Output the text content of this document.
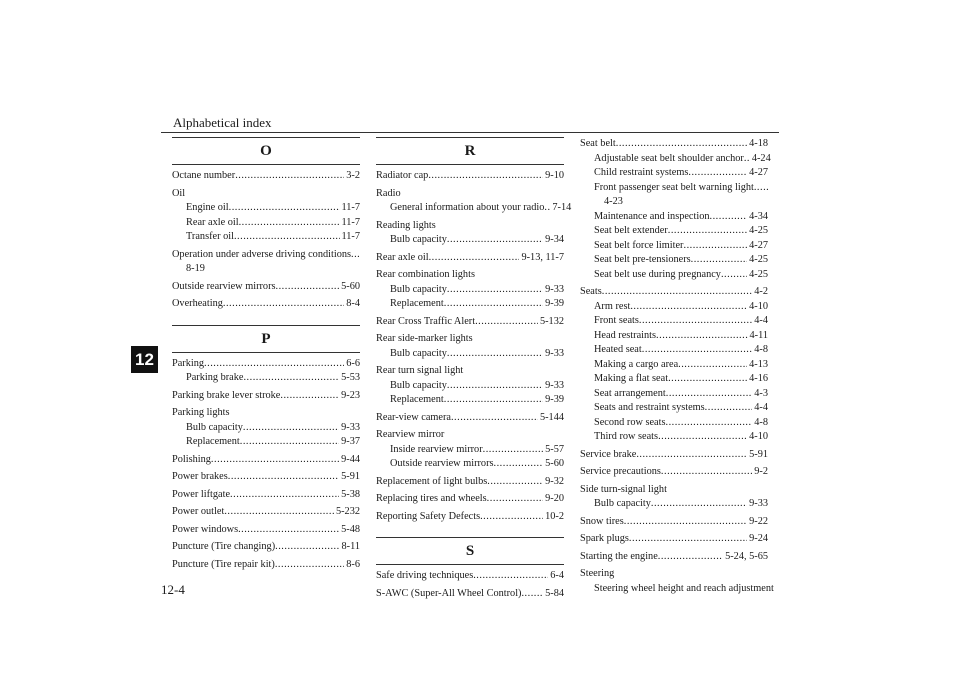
Alphabetical index
12
12-4
O
Octane number .....	3-2
Oil
Engine oil .....	11-7
Rear axle oil .....	11-7
Transfer oil .....	11-7
Operation under adverse driving conditions
.....
8-19
Outside rearview mirrors .....	5-60
Overheating .....	8-4
P
Parking .....	6-6
Parking brake .....	5-53
Parking brake lever stroke .....	9-23
Parking lights
Bulb capacity .....	9-33
Replacement .....	9-37
Polishing .....	9-44
Power brakes .....	5-91
Power liftgate .....	5-38
Power outlet .....	5-232
Power windows .....	5-48
Puncture (Tire changing) .....	8-11
Puncture (Tire repair kit) .....	8-6
R
Radiator cap .....	9-10
Radio
General information about your radio ..... 7-14
Reading lights
Bulb capacity .....	9-34
Rear axle oil .....	9-13, 11-7
Rear combination lights
Bulb capacity .....	9-33
Replacement .....	9-39
Rear Cross Traffic Alert .....	5-132
Rear side-marker lights
Bulb capacity .....	9-33
Rear turn signal light
Bulb capacity .....	9-33
Replacement .....	9-39
Rear-view camera .....	5-144
Rearview mirror
Inside rearview mirror .....	5-57
Outside rearview mirrors .....	5-60
Replacement of light bulbs .....	9-32
Replacing tires and wheels .....	9-20
Reporting Safety Defects .....	10-2
S
Safe driving techniques .....	6-4
S-AWC (Super-All Wheel Control) ..... 5-84
Seat belt .....	4-18
Adjustable seat belt shoulder anchor ..... 4-24
Child restraint systems .....	4-27
Front passenger seat belt warning light
.....
4-23
Maintenance and inspection .....	4-34
Seat belt extender .....	4-25
Seat belt force limiter .....	4-27
Seat belt pre-tensioners .....	4-25
Seat belt use during pregnancy .....	4-25
Seats .....	4-2
Arm rest .....	4-10
Front seats .....	4-4
Head restraints .....	4-11
Heated seat .....	4-8
Making a cargo area .....	4-13
Making a flat seat .....	4-16
Seat arrangement .....	4-3
Seats and restraint systems .....	4-4
Second row seats .....	4-8
Third row seats .....	4-10
Service brake .....	5-91
Service precautions .....	9-2
Side turn-signal light
Bulb capacity .....	9-33
Snow tires .....	9-22
Spark plugs .....	9-24
Starting the engine .....	5-24, 5-65
Steering
Steering wheel height and reach adjustment
